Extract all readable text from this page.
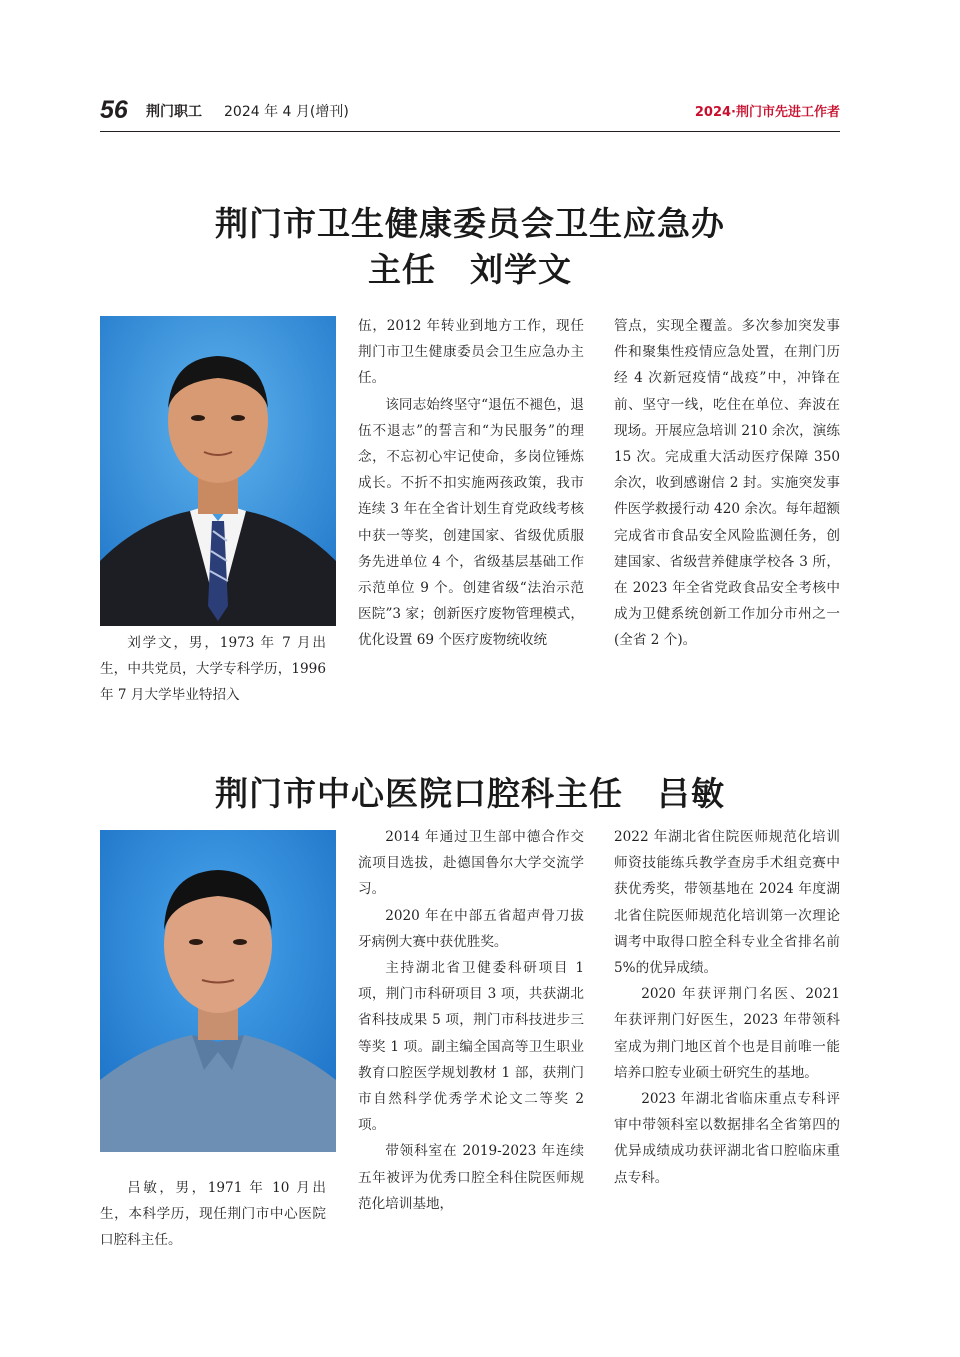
56 荆门职工 2024 年 4 月(增刊)	2024·荆门市先进工作者
荆门市卫生健康委员会卫生应急办
主任　刘学文

刘学文，男，1973 年 7 月出生，中共党员，大学专科学历，1996 年 7 月大学毕业特招入

伍，2012 年转业到地方工作，现任荆门市卫生健康委员会卫生应急办主任。

该同志始终坚守“退伍不褪色，退伍不退志”的誓言和“为民服务”的理念，不忘初心牢记使命，多岗位锤炼成长。不折不扣实施两孩政策，我市连续 3 年在全省计划生育党政线考核中获一等奖，创建国家、省级优质服务先进单位 4 个，省级基层基础工作示范单位 9 个。创建省级“法治示范医院”3 家；创新医疗废物管理模式，优化设置 69 个医疗废物统收统

管点，实现全覆盖。多次参加突发事件和聚集性疫情应急处置，在荆门历经 4 次新冠疫情“战疫”中，冲锋在前、坚守一线，吃住在单位、奔波在现场。开展应急培训 210 余次，演练 15 次。完成重大活动医疗保障 350 余次，收到感谢信 2 封。实施突发事件医学救援行动 420 余次。每年超额完成省市食品安全风险监测任务，创建国家、省级营养健康学校各 3 所，在 2023 年全省党政食品安全考核中成为卫健系统创新工作加分市州之一(全省 2 个)。

荆门市中心医院口腔科主任　吕敏

吕敏，男，1971 年 10 月出生，本科学历，现任荆门市中心医院口腔科主任。

2014 年通过卫生部中德合作交流项目选拔，赴德国鲁尔大学交流学习。

2020 年在中部五省超声骨刀拔牙病例大赛中获优胜奖。

主持湖北省卫健委科研项目 1 项，荆门市科研项目 3 项，共获湖北省科技成果 5 项，荆门市科技进步三等奖 1 项。副主编全国高等卫生职业教育口腔医学规划教材 1 部，获荆门市自然科学优秀学术论文二等奖 2 项。

带领科室在 2019-2023 年连续五年被评为优秀口腔全科住院医师规范化培训基地，

2022 年湖北省住院医师规范化培训师资技能练兵教学查房手术组竞赛中获优秀奖，带领基地在 2024 年度湖北省住院医师规范化培训第一次理论调考中取得口腔全科专业全省排名前 5%的优异成绩。

2020 年获评荆门名医、2021 年获评荆门好医生，2023 年带领科室成为荆门地区首个也是目前唯一能培养口腔专业硕士研究生的基地。

2023 年湖北省临床重点专科评审中带领科室以数据排名全省第四的优异成绩成功获评湖北省口腔临床重点专科。
